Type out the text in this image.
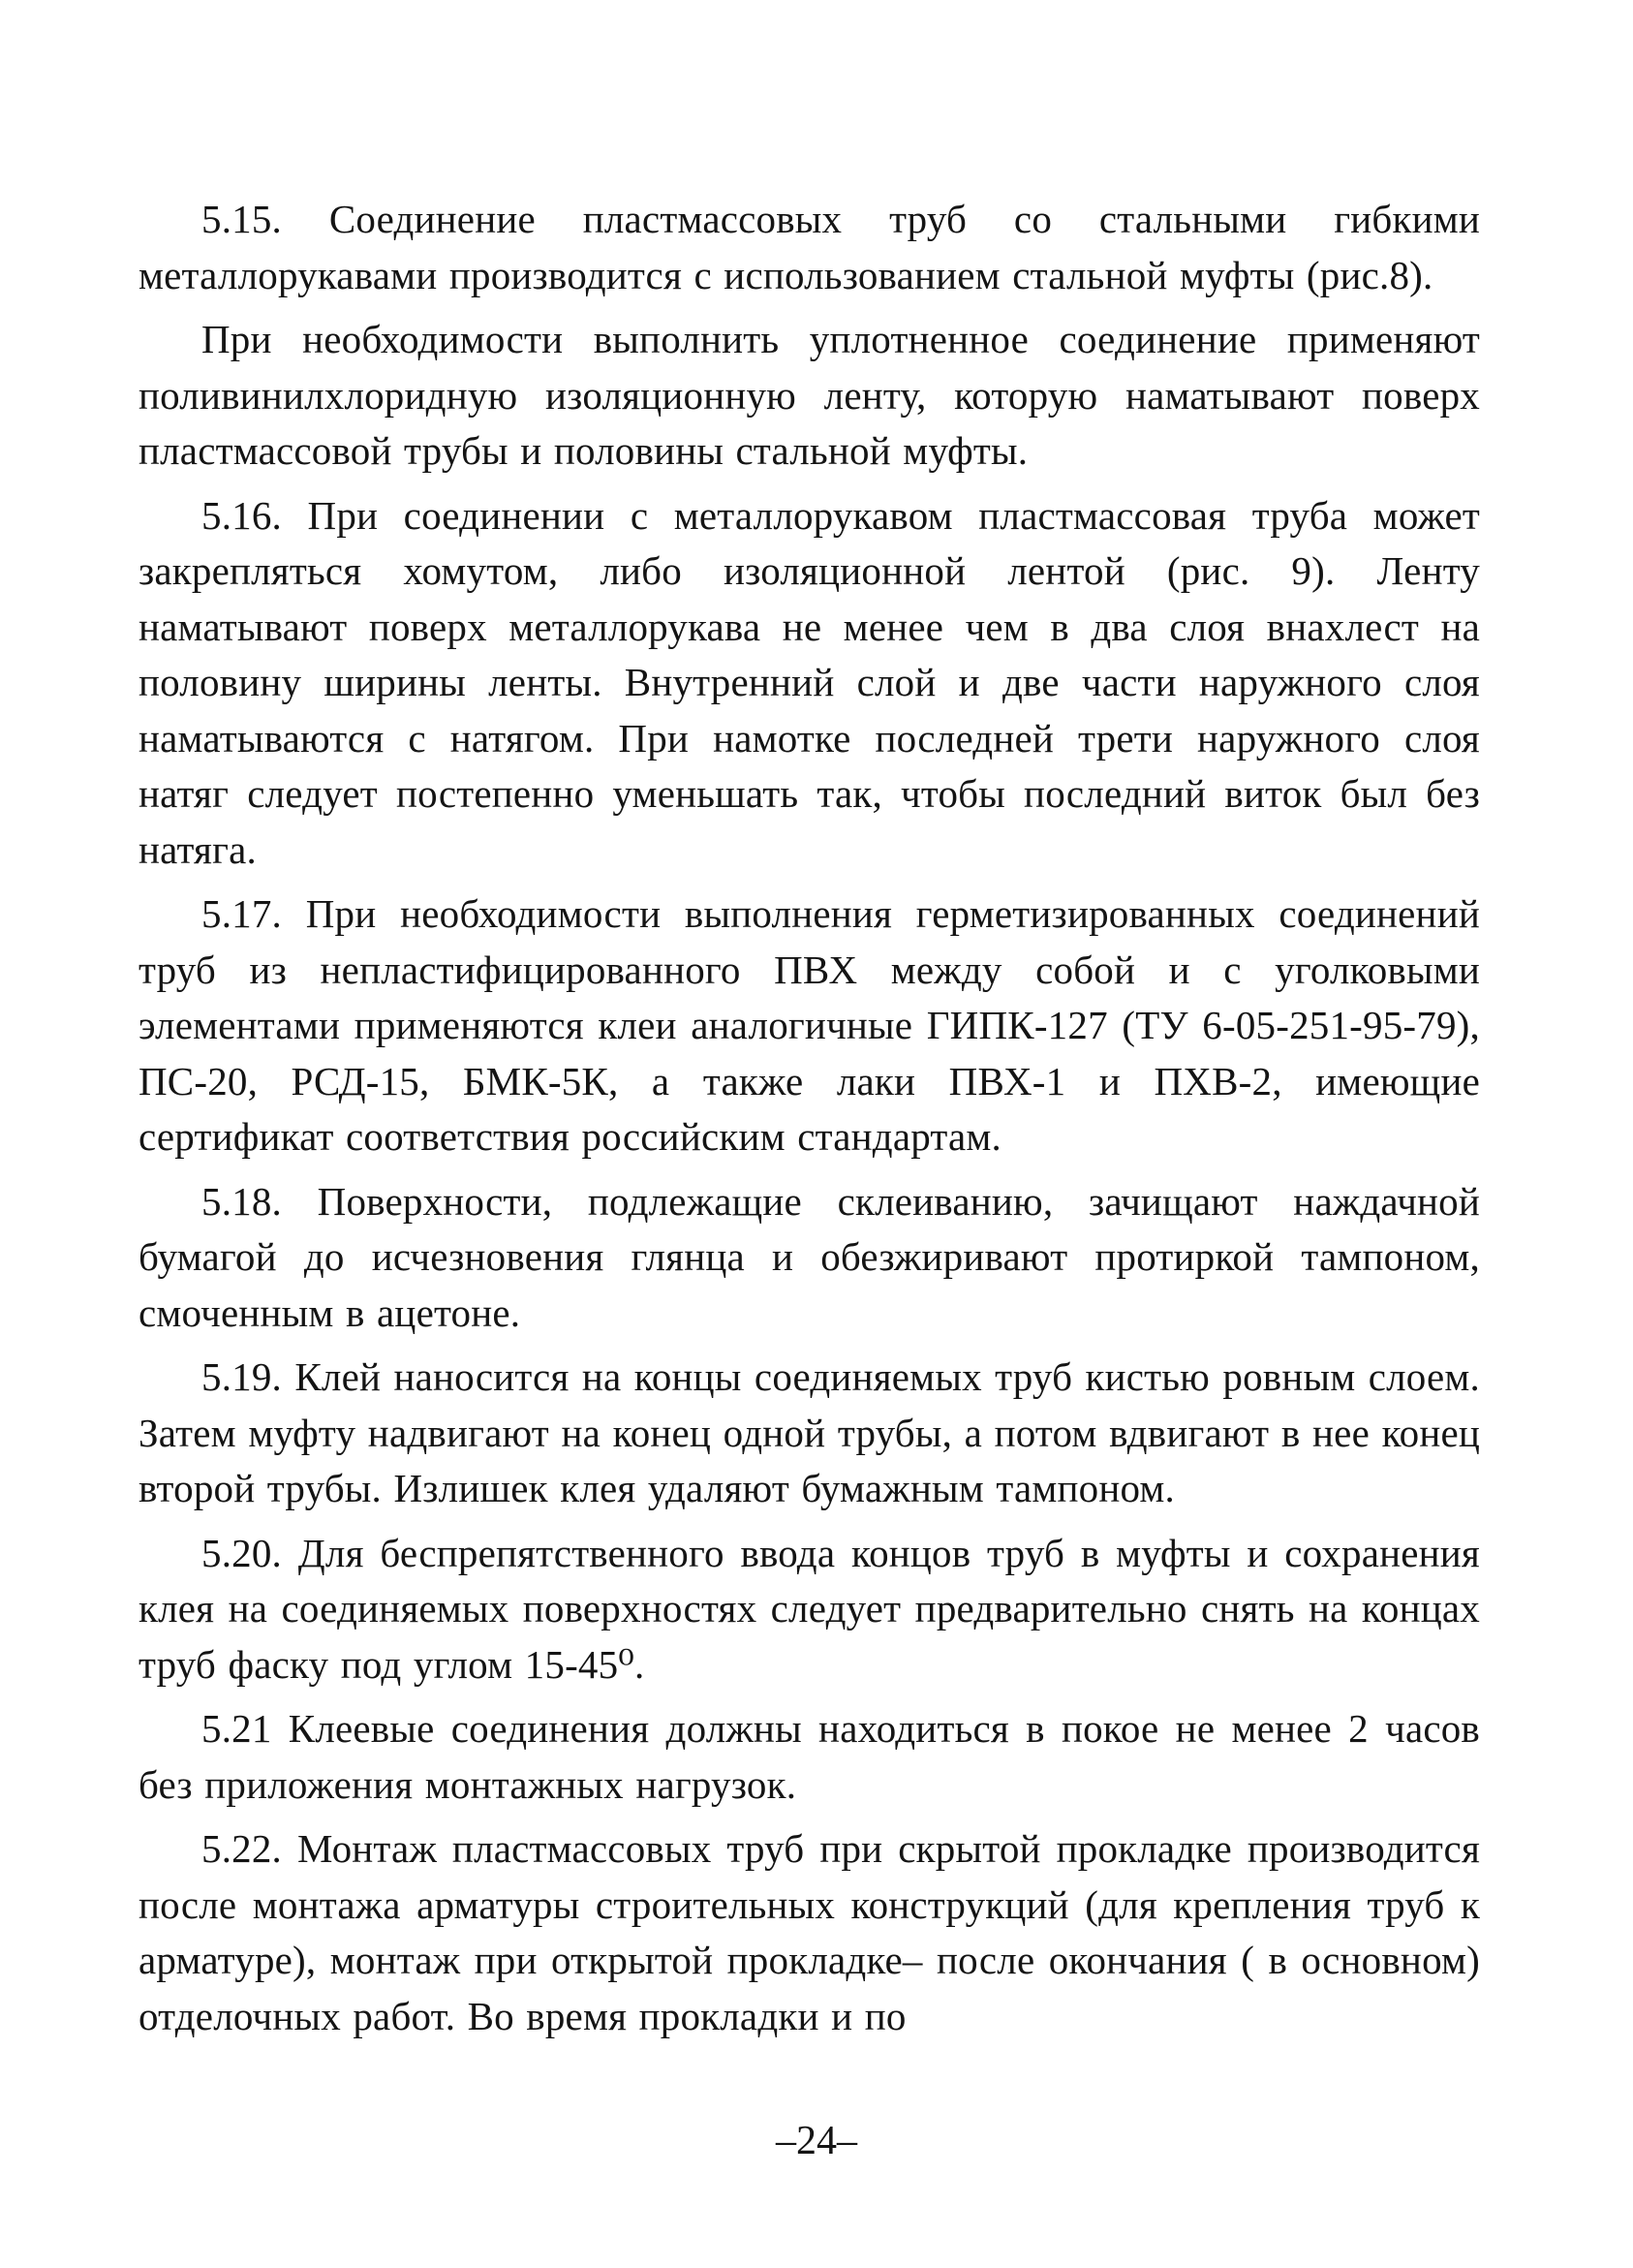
5.15. Соединение пластмассовых труб со стальными гибкими металлорукавами производится с использованием стальной муфты (рис.8).

При необходимости выполнить уплотненное соединение применяют поливинилхлоридную изоляционную ленту, которую наматывают поверх пластмассовой трубы и половины стальной муфты.

5.16. При соединении с металлорукавом пластмассовая труба может закрепляться хомутом, либо изоляционной лентой (рис. 9). Ленту наматывают поверх металлорукава не менее чем в два слоя внахлест на половину ширины ленты. Внутренний слой и две части наружного слоя наматываются с натягом. При намотке последней трети наружного слоя натяг следует постепенно уменьшать так, чтобы последний виток был без натяга.

5.17. При необходимости выполнения герметизированных соединений труб из непластифицированного ПВХ между собой и с уголковыми элементами применяются клеи аналогичные ГИПК-127 (ТУ 6-05-251-95-79), ПС-20, РСД-15, БМК-5К, а также лаки ПВХ-1 и ПХВ-2, имеющие сертификат соответствия российским стандартам.

5.18. Поверхности, подлежащие склеиванию, зачищают наждачной бумагой до исчезновения глянца и обезжиривают протиркой тампоном, смоченным в ацетоне.

5.19. Клей наносится на концы соединяемых труб кистью ровным слоем. Затем муфту надвигают на конец одной трубы, а потом вдвигают в нее конец второй трубы. Излишек клея удаляют бумажным тампоном.

5.20. Для беспрепятственного ввода концов труб в муфты и сохранения клея на соединяемых поверхностях следует предварительно снять на концах труб фаску под углом 15-45⁰.

5.21 Клеевые соединения должны находиться в покое не менее 2 часов без приложения монтажных нагрузок.

5.22. Монтаж пластмассовых труб при скрытой прокладке производится после монтажа арматуры строительных конструкций (для крепления труб к арматуре), монтаж при открытой прокладке– после окончания ( в основном) отделочных работ. Во время прокладки и по

–24–
